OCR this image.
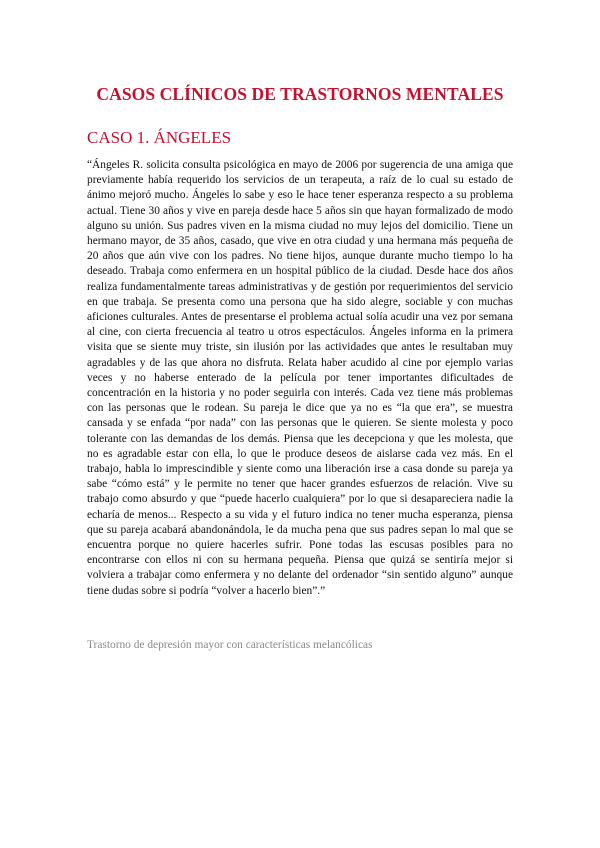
CASOS CLÍNICOS DE TRASTORNOS MENTALES
CASO 1. ÁNGELES

“Ángeles R. solicita consulta psicológica en mayo de 2006 por sugerencia de una amiga que previamente había requerido los servicios de un terapeuta, a raíz de lo cual su estado de ánimo mejoró mucho. Ángeles lo sabe y eso le hace tener esperanza respecto a su problema actual. Tiene 30 años y vive en pareja desde hace 5 años sin que hayan formalizado de modo alguno su unión. Sus padres viven en la misma ciudad no muy lejos del domicilio. Tiene un hermano mayor, de 35 años, casado, que vive en otra ciudad y una hermana más pequeña de 20 años que aún vive con los padres. No tiene hijos, aunque durante mucho tiempo lo ha deseado. Trabaja como enfermera en un hospital público de la ciudad. Desde hace dos años realiza fundamentalmente tareas administrativas y de gestión por requerimientos del servicio en que trabaja. Se presenta como una persona que ha sido alegre, sociable y con muchas aficiones culturales. Antes de presentarse el problema actual solía acudir una vez por semana al cine, con cierta frecuencia al teatro u otros espectáculos. Ángeles informa en la primera visita que se siente muy triste, sin ilusión por las actividades que antes le resultaban muy agradables y de las que ahora no disfruta. Relata haber acudido al cine por ejemplo varias veces y no haberse enterado de la película por tener importantes dificultades de concentración en la historia y no poder seguirla con interés. Cada vez tiene más problemas con las personas que le rodean. Su pareja le dice que ya no es “la que era”, se muestra cansada y se enfada “por nada” con las personas que le quieren. Se siente molesta y poco tolerante con las demandas de los demás. Piensa que les decepciona y que les molesta, que no es agradable estar con ella, lo que le produce deseos de aislarse cada vez más. En el trabajo, habla lo imprescindible y siente como una liberación irse a casa donde su pareja ya sabe “cómo está” y le permite no tener que hacer grandes esfuerzos de relación. Vive su trabajo como absurdo y que “puede hacerlo cualquiera” por lo que si desapareciera nadie la echaría de menos... Respecto a su vida y el futuro indica no tener mucha esperanza, piensa que su pareja acabará abandonándola, le da mucha pena que sus padres sepan lo mal que se encuentra porque no quiere hacerles sufrir. Pone todas las escusas posibles para no encontrarse con ellos ni con su hermana pequeña. Piensa que quizá se sentiría mejor si volviera a trabajar como enfermera y no delante del ordenador “sin sentido alguno” aunque tiene dudas sobre si podría “volver a hacerlo bien”.”

Trastorno de depresión mayor con características melancólicas
